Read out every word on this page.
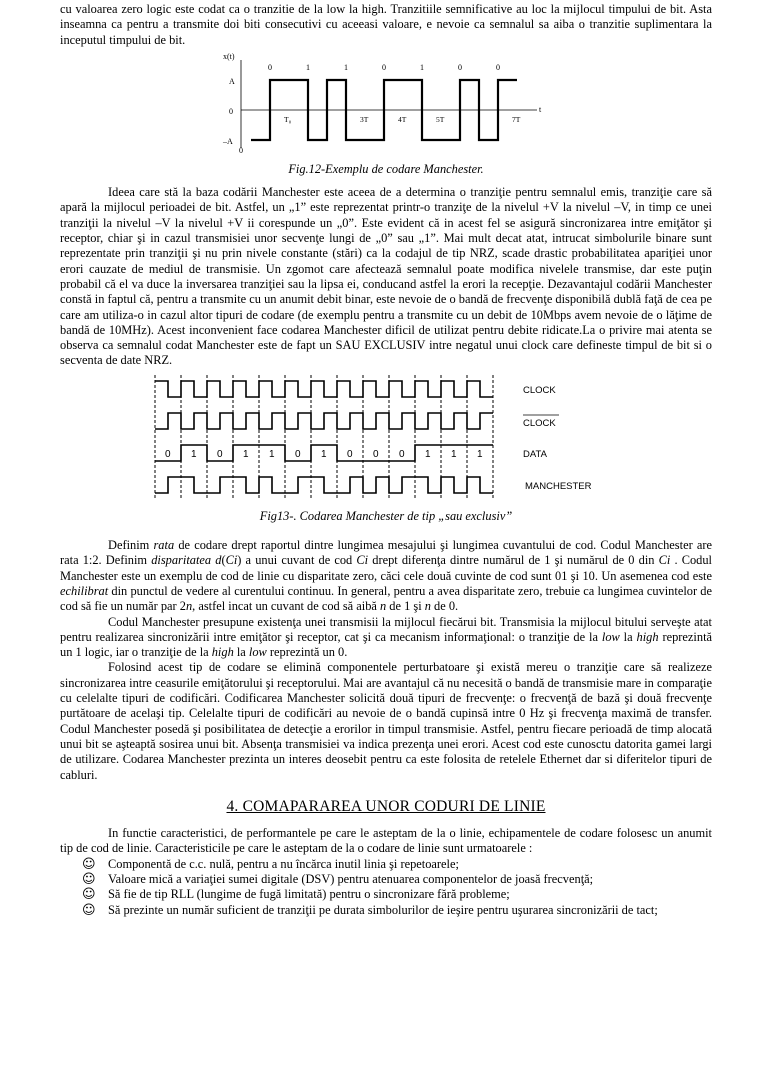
cu valoarea zero logic este codat ca o tranzitie de la low la high. Tranzitiile semnificative au loc la mijlocul timpului de bit. Asta inseamna ca pentru a transmite doi biti consecutivi cu aceeasi valoare, e nevoie ca semnalul sa aiba o tranzitie suplimentara la inceputul timpului de bit.

x(t)
A
0
–A
0
t
0	1	1	0	1	0	0
T₀	3T	4T	5T	7T
Fig.12-Exemplu de codare Manchester.

Ideea care stă la baza codării Manchester este aceea de a determina o tranziţie pentru semnalul emis, tranziţie care să apară la mijlocul perioadei de bit. Astfel, un „1” este reprezentat printr-o tranziţe de la nivelul +V la nivelul –V, in timp ce unei tranziţii la nivelul –V la nivelul +V ii corespunde un „0”. Este evident că in acest fel se asigură sincronizarea intre emiţător şi receptor, chiar şi in cazul transmisiei unor secvenţe lungi de „0” sau „1”. Mai mult decat atat, intrucat simbolurile binare sunt reprezentate prin tranziţii şi nu prin nivele constante (stări) ca la codajul de tip NRZ, scade drastic probabilitatea apariţiei unor erori cauzate de mediul de transmisie. Un zgomot care afectează semnalul poate modifica nivelele transmise, dar este puţin probabil că el va duce la inversarea tranziţiei sau la lipsa ei, conducand astfel la erori la recepţie. Dezavantajul codării Manchester constă in faptul că, pentru a transmite cu un anumit debit binar, este nevoie de o bandă de frecvenţe disponibilă dublă faţă de cea pe care am utiliza-o in cazul altor tipuri de codare (de exemplu pentru a transmite cu un debit de 10Mbps avem nevoie de o lăţime de bandă de 10MHz). Acest inconvenient face codarea Manchester dificil de utilizat pentru debite ridicate.La o privire mai atenta se observa ca semnalul codat Manchester este de fapt un SAU EXCLUSIV intre negatul unui clock care defineste timpul de bit si o secventa de date NRZ.

0 1 0 1 1 0 1 0 0 0 1 1 1
CLOCK
CLOCK
DATA
MANCHESTER
Fig13-. Codarea Manchester de tip „sau exclusiv”

Definim rata de codare drept raportul dintre lungimea mesajului şi lungimea cuvantului de cod. Codul Manchester are rata 1:2. Definim disparitatea d(Ci) a unui cuvant de cod Ci drept diferenţa dintre numărul de 1 şi numărul de 0 din Ci . Codul Manchester este un exemplu de cod de linie cu disparitate zero, căci cele două cuvinte de cod sunt 01 şi 10. Un asemenea cod este echilibrat din punctul de vedere al curentului continuu. In general, pentru a avea disparitate zero, trebuie ca lungimea cuvintelor de cod să fie un număr par 2n, astfel incat un cuvant de cod să aibă n de 1 şi n de 0.

Codul Manchester presupune existenţa unei transmisii la mijlocul fiecărui bit. Transmisia la mijlocul bitului serveşte atat pentru realizarea sincronizării intre emiţător şi receptor, cat şi ca mecanism informaţional: o tranziţie de la low la high reprezintă un 1 logic, iar o tranziţie de la high la low reprezintă un 0.

Folosind acest tip de codare se elimină componentele perturbatoare şi există mereu o tranziţie care să realizeze sincronizarea intre ceasurile emiţătorului şi receptorului. Mai are avantajul că nu necesită o bandă de transmisie mare in comparaţie cu celelalte tipuri de codificări. Codificarea Manchester solicită două tipuri de frecvenţe: o frecvenţă de bază şi două frecvenţe purtătoare de acelaşi tip. Celelalte tipuri de codificări au nevoie de o bandă cupinsă intre 0 Hz şi frecvenţa maximă de transfer. Codul Manchester posedă şi posibilitatea de detecţie a erorilor in timpul transmisie. Astfel, pentru fiecare perioadă de timp alocată unui bit se aşteaptă sosirea unui bit. Absenţa transmisiei va indica prezenţa unei erori. Acest cod este cunosctu datorita gamei largi de utilizare. Codarea Manchester prezinta un interes deosebit pentru ca este folosita de retelele Ethernet dar si diferitelor tipuri de cabluri.

4. COMAPARAREA UNOR CODURI DE LINIE

In functie caracteristici, de performantele pe care le asteptam de la o linie, echipamentele de codare folosesc un anumit tip de cod de linie. Caracteristicile pe care le asteptam de la o codare de linie sunt urmatoarele :

☺ Componentă de c.c. nulă, pentru a nu încărca inutil linia şi repetoarele;
☺ Valoare mică a variaţiei sumei digitale (DSV) pentru atenuarea componentelor de joasă frecvenţă;
☺ Să fie de tip RLL (lungime de fugă limitată) pentru o sincronizare fără probleme;
☺ Să prezinte un număr suficient de tranziţii pe durata simbolurilor de ieşire pentru uşurarea sincronizării de tact;
